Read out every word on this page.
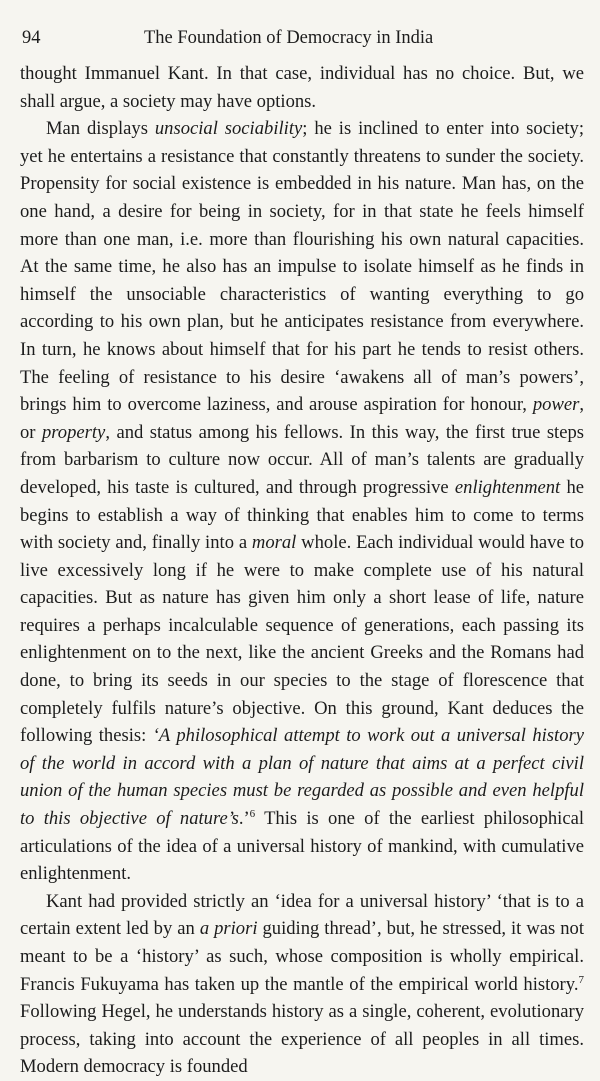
94	The Foundation of Democracy in India

thought Immanuel Kant. In that case, individual has no choice. But, we shall argue, a society may have options.

Man displays unsocial sociability; he is inclined to enter into society; yet he entertains a resistance that constantly threatens to sunder the society. Propensity for social existence is embedded in his nature. Man has, on the one hand, a desire for being in society, for in that state he feels himself more than one man, i.e. more than flourishing his own natural capacities. At the same time, he also has an impulse to isolate himself as he finds in himself the unsociable characteristics of wanting everything to go according to his own plan, but he anticipates resistance from everywhere. In turn, he knows about himself that for his part he tends to resist others. The feeling of resistance to his desire ‘awakens all of man’s powers’, brings him to overcome laziness, and arouse aspiration for honour, power, or property, and status among his fellows. In this way, the first true steps from barbarism to culture now occur. All of man’s talents are gradually developed, his taste is cultured, and through progressive enlightenment he begins to establish a way of thinking that enables him to come to terms with society and, finally into a moral whole. Each individual would have to live excessively long if he were to make complete use of his natural capacities. But as nature has given him only a short lease of life, nature requires a perhaps incalculable sequence of generations, each passing its enlightenment on to the next, like the ancient Greeks and the Romans had done, to bring its seeds in our species to the stage of florescence that completely fulfils nature’s objective. On this ground, Kant deduces the following thesis: ‘A philosophical attempt to work out a universal history of the world in accord with a plan of nature that aims at a perfect civil union of the human species must be regarded as possible and even helpful to this objective of nature’s.’$^6$ This is one of the earliest philosophical articulations of the idea of a universal history of mankind, with cumulative enlightenment.

Kant had provided strictly an ‘idea for a universal history’ ‘that is to a certain extent led by an a priori guiding thread’, but, he stressed, it was not meant to be a ‘history’ as such, whose composition is wholly empirical. Francis Fukuyama has taken up the mantle of the empirical world history.$^7$ Following Hegel, he understands history as a single, coherent, evolutionary process, taking into account the experience of all peoples in all times. Modern democracy is founded
